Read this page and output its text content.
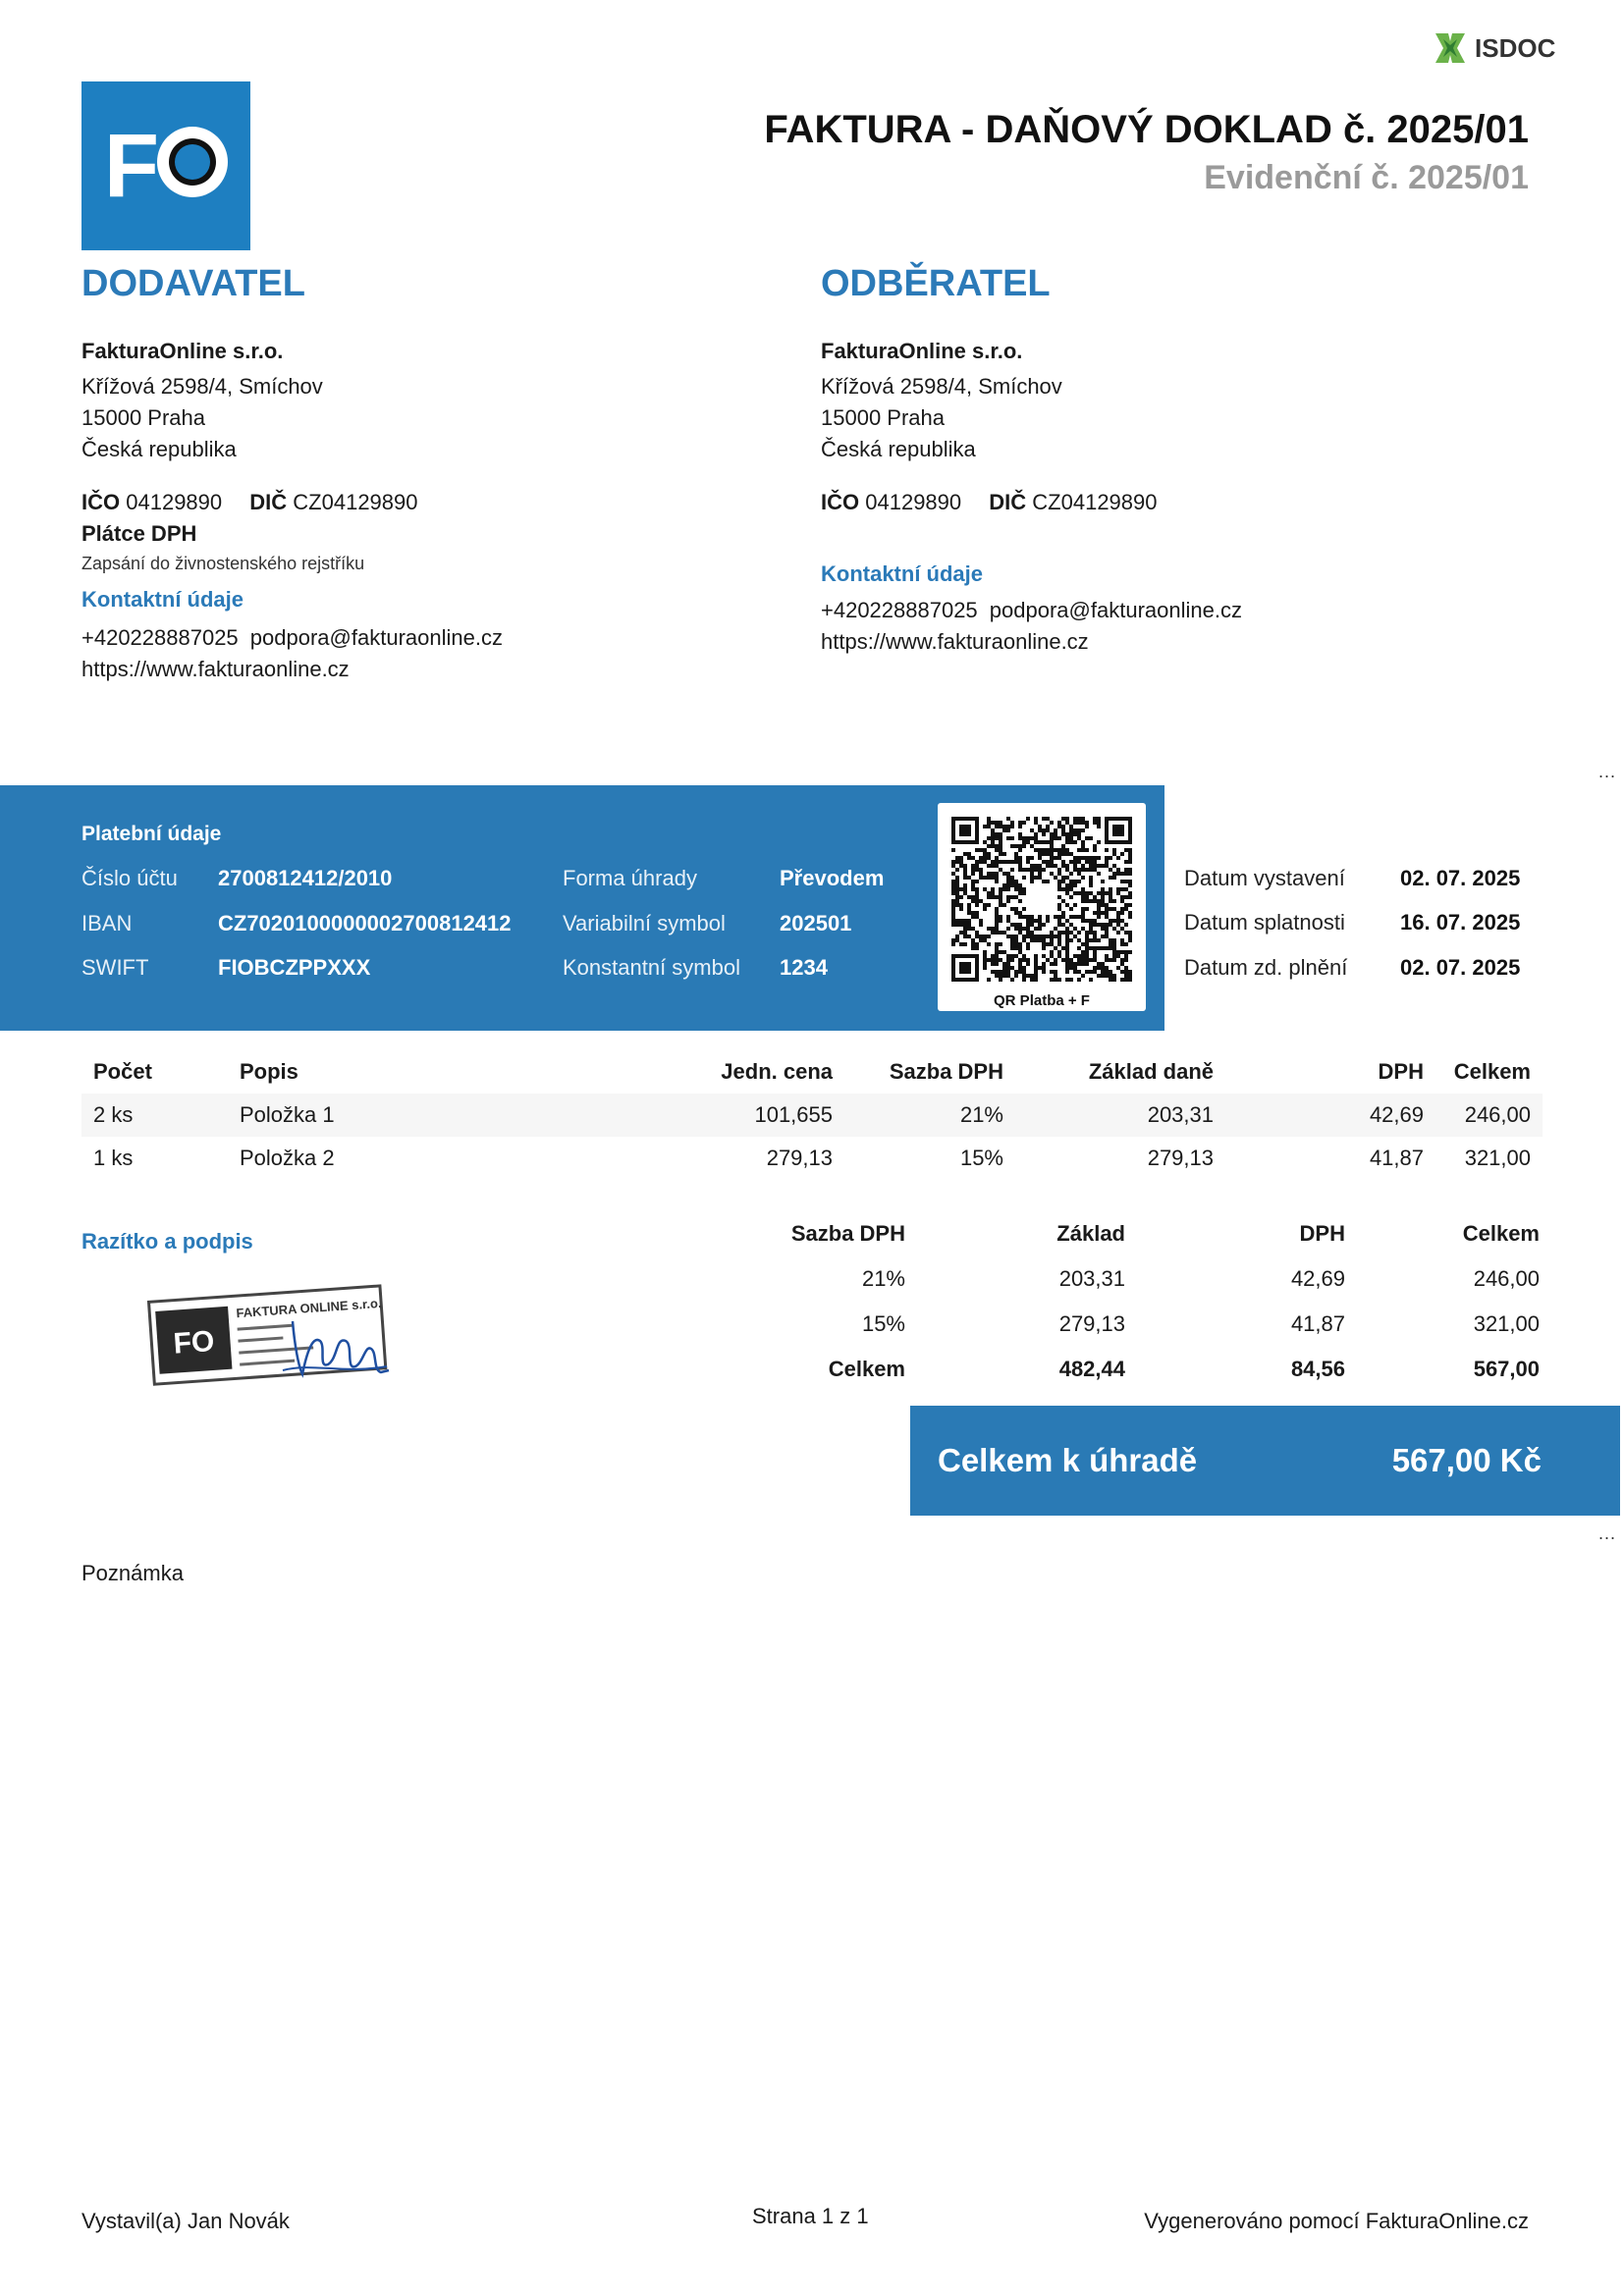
ISDOC
F	FAKTURA - DAŇOVÝ DOKLAD č. 2025/01
Evidenční č. 2025/01
DODAVATEL
FakturaOnline s.r.o.
Křížová 2598/4, Smíchov
15000 Praha
Česká republika
IČO 04129890 DIČ CZ04129890
Plátce DPH
Zapsání do živnostenského rejstříku
Kontaktní údaje
+420228887025 podpora@fakturaonline.cz
https://www.fakturaonline.cz
ODBĚRATEL
FakturaOnline s.r.o.
Křížová 2598/4, Smíchov
15000 Praha
Česká republika
IČO 04129890 DIČ CZ04129890
Kontaktní údaje
+420228887025 podpora@fakturaonline.cz
https://www.fakturaonline.cz
...
Platební údaje
Číslo účtu 2700812412/2010
IBAN	CZ7020100000002700812412
SWIFT	FIOBCZPPXXX
Forma úhrady	Převodem
Variabilní symbol	202501
Konstantní symbol 1234
QR Platba + F
Datum vystavení	02. 07. 2025
Datum splatnosti	16. 07. 2025
Datum zd. plnění 02. 07. 2025
Počet	Popis	Jedn. cena	Sazba DPH	Základ daně	DPH	Celkem
2 ks	Položka 1	101,655	21%	203,31	42,69	246,00
1 ks	Položka 2	279,13	15%	279,13	41,87	321,00
Razítko a podpis
FO
FAKTURA ONLINE s.r.o.
Sazba DPH	Základ	DPH	Celkem
21%	203,31	42,69	246,00
15%	279,13	41,87	321,00
Celkem	482,44	84,56	567,00
Celkem k úhradě	567,00 Kč
...
Poznámka
Vystavil(a) Jan Novák	Strana 1 z 1	Vygenerováno pomocí FakturaOnline.cz
